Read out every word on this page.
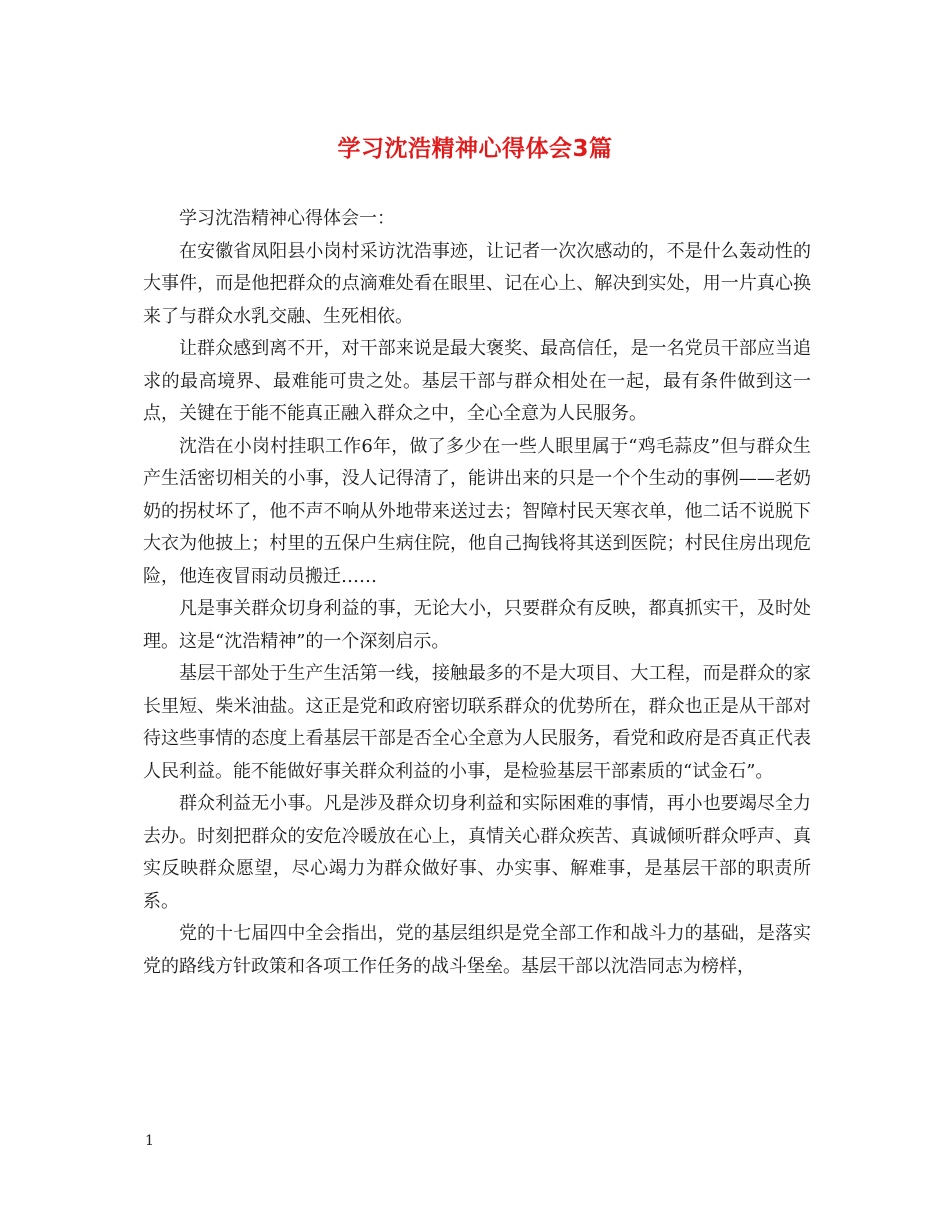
学习沈浩精神心得体会3篇

学习沈浩精神心得体会一：

在安徽省凤阳县小岗村采访沈浩事迹，让记者一次次感动的，不是什么轰动性的大事件，而是他把群众的点滴难处看在眼里、记在心上、解决到实处，用一片真心换来了与群众水乳交融、生死相依。

让群众感到离不开，对干部来说是最大褒奖、最高信任，是一名党员干部应当追求的最高境界、最难能可贵之处。基层干部与群众相处在一起，最有条件做到这一点，关键在于能不能真正融入群众之中，全心全意为人民服务。

沈浩在小岗村挂职工作6年，做了多少在一些人眼里属于“鸡毛蒜皮”但与群众生产生活密切相关的小事，没人记得清了，能讲出来的只是一个个生动的事例——老奶奶的拐杖坏了，他不声不响从外地带来送过去；智障村民天寒衣单，他二话不说脱下大衣为他披上；村里的五保户生病住院，他自己掏钱将其送到医院；村民住房出现危险，他连夜冒雨动员搬迁……

凡是事关群众切身利益的事，无论大小，只要群众有反映，都真抓实干，及时处理。这是“沈浩精神”的一个深刻启示。

基层干部处于生产生活第一线，接触最多的不是大项目、大工程，而是群众的家长里短、柴米油盐。这正是党和政府密切联系群众的优势所在，群众也正是从干部对待这些事情的态度上看基层干部是否全心全意为人民服务，看党和政府是否真正代表人民利益。能不能做好事关群众利益的小事，是检验基层干部素质的“试金石”。

群众利益无小事。凡是涉及群众切身利益和实际困难的事情，再小也要竭尽全力去办。时刻把群众的安危冷暖放在心上，真情关心群众疾苦、真诚倾听群众呼声、真实反映群众愿望，尽心竭力为群众做好事、办实事、解难事，是基层干部的职责所系。

党的十七届四中全会指出，党的基层组织是党全部工作和战斗力的基础，是落实党的路线方针政策和各项工作任务的战斗堡垒。基层干部以沈浩同志为榜样，

1
